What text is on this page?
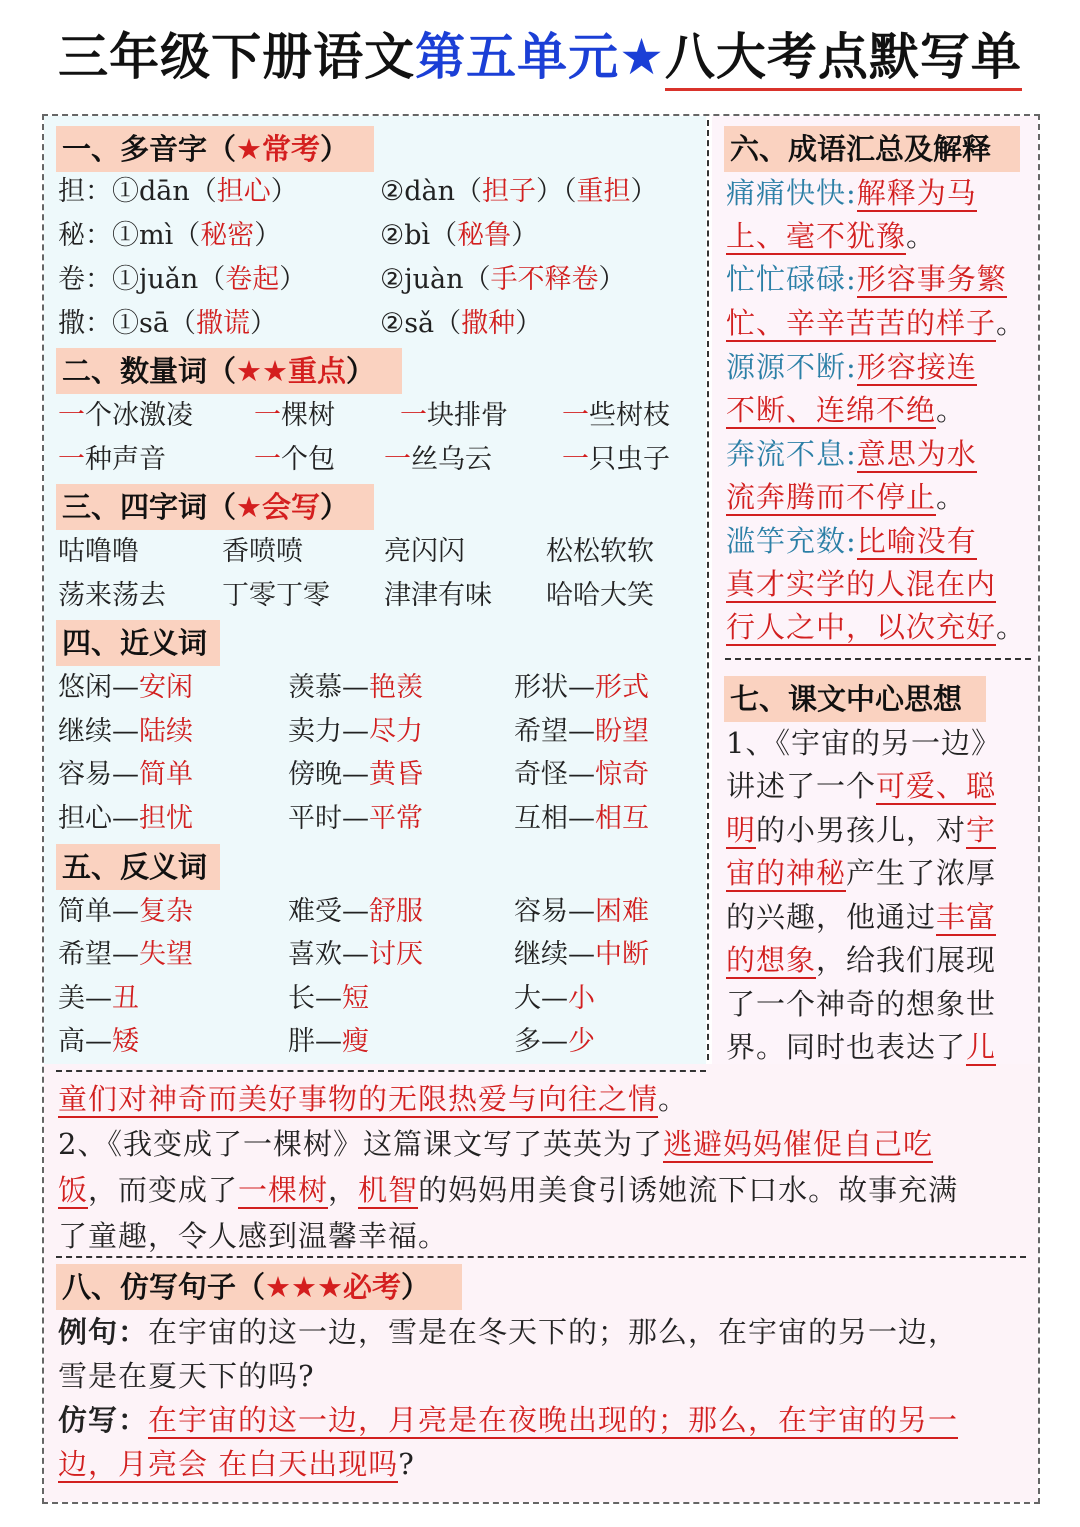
三年级下册语文第五单元★八大考点默写单
一、多音字（★常考）
担：①dān（担心）	②dàn（担子）（重担）
秘：①mì（秘密）	②bì（秘鲁）
卷：①juǎn（卷起）	②juàn（手不释卷）
撒：①sā（撒谎）	②sǎ（撒种）
二、数量词（★★重点）
一个冰激凌 一棵树 一块排骨 一些树枝
一种声音	一个包 一丝乌云	一只虫子
三、四字词（★会写）
咕噜噜	香喷喷	亮闪闪	松松软软
荡来荡去 丁零丁零 津津有味 哈哈大笑
四、近义词
悠闲—安闲	羡慕—艳羡	形状—形式
继续—陆续	卖力—尽力	希望—盼望
容易—简单	傍晚—黄昏	奇怪—惊奇
担心—担忧	平时—平常	互相—相互
五、反义词
简单—复杂	难受—舒服	容易—困难
希望—失望	喜欢—讨厌	继续—中断
美—丑	长—短	大—小
高—矮	胖—瘦	多—少
六、成语汇总及解释
痛痛快快:解释为马
上、毫不犹豫。
忙忙碌碌:形容事务繁
忙、辛辛苦苦的样子。
源源不断:形容接连
不断、连绵不绝。
奔流不息:意思为水
流奔腾而不停止。
滥竽充数:比喻没有
真才实学的人混在内
行人之中，以次充好。
七、课文中心思想
1、《宇宙的另一边》
讲述了一个可爱、聪
明的小男孩儿，对宇
宙的神秘产生了浓厚
的兴趣，他通过丰富
的想象，给我们展现
了一个神奇的想象世
界。同时也表达了儿
童们对神奇而美好事物的无限热爱与向往之情。
2、《我变成了一棵树》这篇课文写了英英为了逃避妈妈催促自己吃
饭，而变成了一棵树，机智的妈妈用美食引诱她流下口水。故事充满
了童趣，令人感到温馨幸福。
八、仿写句子（★★★必考）
例句：在宇宙的这一边，雪是在冬天下的；那么，在宇宙的另一边，
雪是在夏天下的吗?
仿写：在宇宙的这一边，月亮是在夜晚出现的；那么，在宇宙的另一
边，月亮会 在白天出现吗?
